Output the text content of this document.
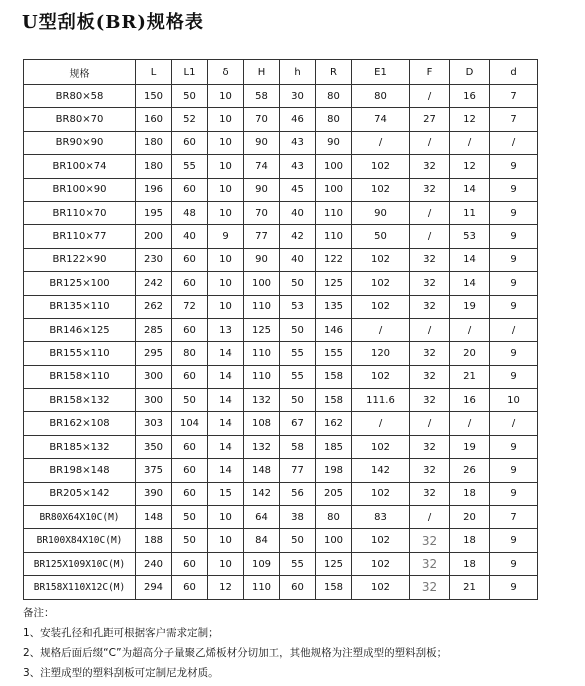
U型刮板(BR)规格表
规格	L	L1	δ	H	h	R	E1	F	D	d
BR80×58	150	50	10	58	30	80	80	/	16	7
BR80×70	160	52	10	70	46	80	74	27	12	7
BR90×90	180	60	10	90	43	90	/	/	/	/
BR100×74	180	55	10	74	43	100	102	32	12	9
BR100×90	196	60	10	90	45	100	102	32	14	9
BR110×70	195	48	10	70	40	110	90	/	11	9
BR110×77	200	40	9	77	42	110	50	/	53	9
BR122×90	230	60	10	90	40	122	102	32	14	9
BR125×100	242	60	10	100	50	125	102	32	14	9
BR135×110	262	72	10	110	53	135	102	32	19	9
BR146×125	285	60	13	125	50	146	/	/	/	/
BR155×110	295	80	14	110	55	155	120	32	20	9
BR158×110	300	60	14	110	55	158	102	32	21	9
BR158×132	300	50	14	132	50	158	111.6	32	16	10
BR162×108	303	104	14	108	67	162	/	/	/	/
BR185×132	350	60	14	132	58	185	102	32	19	9
BR198×148	375	60	14	148	77	198	142	32	26	9
BR205×142	390	60	15	142	56	205	102	32	18	9
BR80X64X10C(M)	148	50	10	64	38	80	83	/	20	7
BR100X84X10C(M)	188	50	10	84	50	100	102	32	18	9
BR125X109X10C(M)	240	60	10	109	55	125	102	32	18	9
BR158X110X12C(M)	294	60	12	110	60	158	102	32	21	9
备注：
1、安装孔径和孔距可根据客户需求定制；
2、规格后面后缀“C”为超高分子量聚乙烯板材分切加工，其他规格为注塑成型的塑料刮板；
3、注塑成型的塑料刮板可定制尼龙材质。
